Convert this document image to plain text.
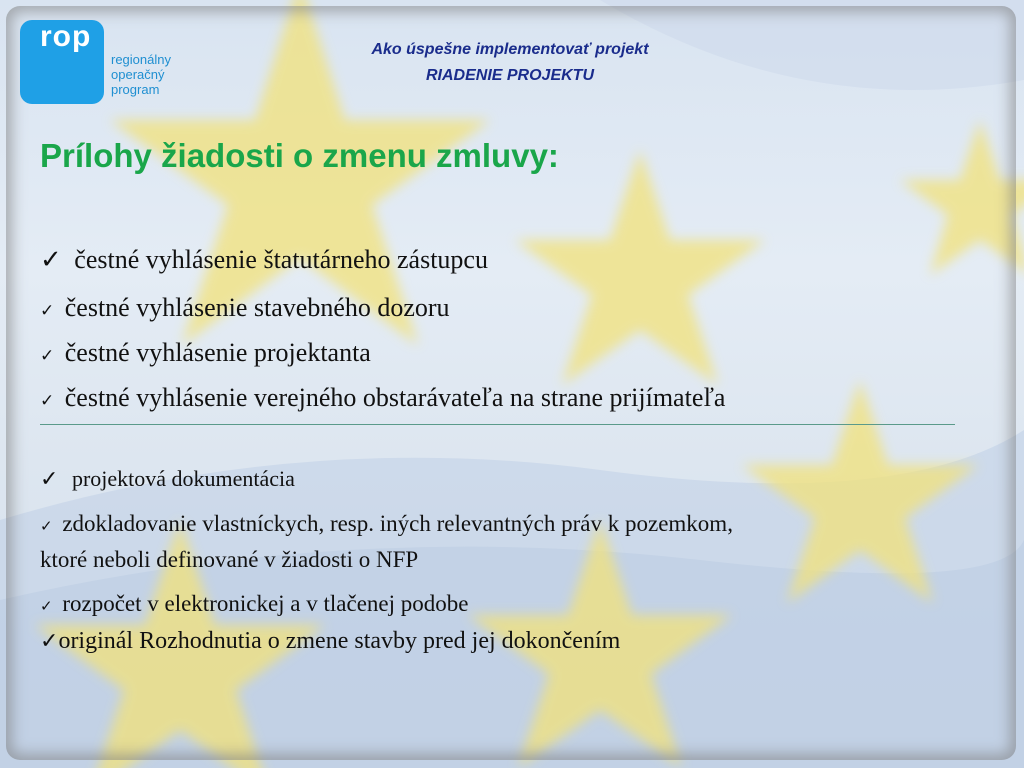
rop
regionálny
operačný
program
Ako úspešne implementovať projekt
RIADENIE PROJEKTU
Prílohy žiadosti o zmenu zmluvy:
✓ čestné vyhlásenie štatutárneho zástupcu
✓ čestné vyhlásenie stavebného dozoru
✓ čestné vyhlásenie projektanta
✓ čestné vyhlásenie verejného obstarávateľa na strane prijímateľa
✓ projektová dokumentácia
✓ zdokladovanie vlastníckych, resp. iných relevantných práv k pozemkom,
ktoré neboli definované v žiadosti o NFP
✓ rozpočet v elektronickej a v tlačenej podobe
✓originál Rozhodnutia o zmene stavby pred jej dokončením
